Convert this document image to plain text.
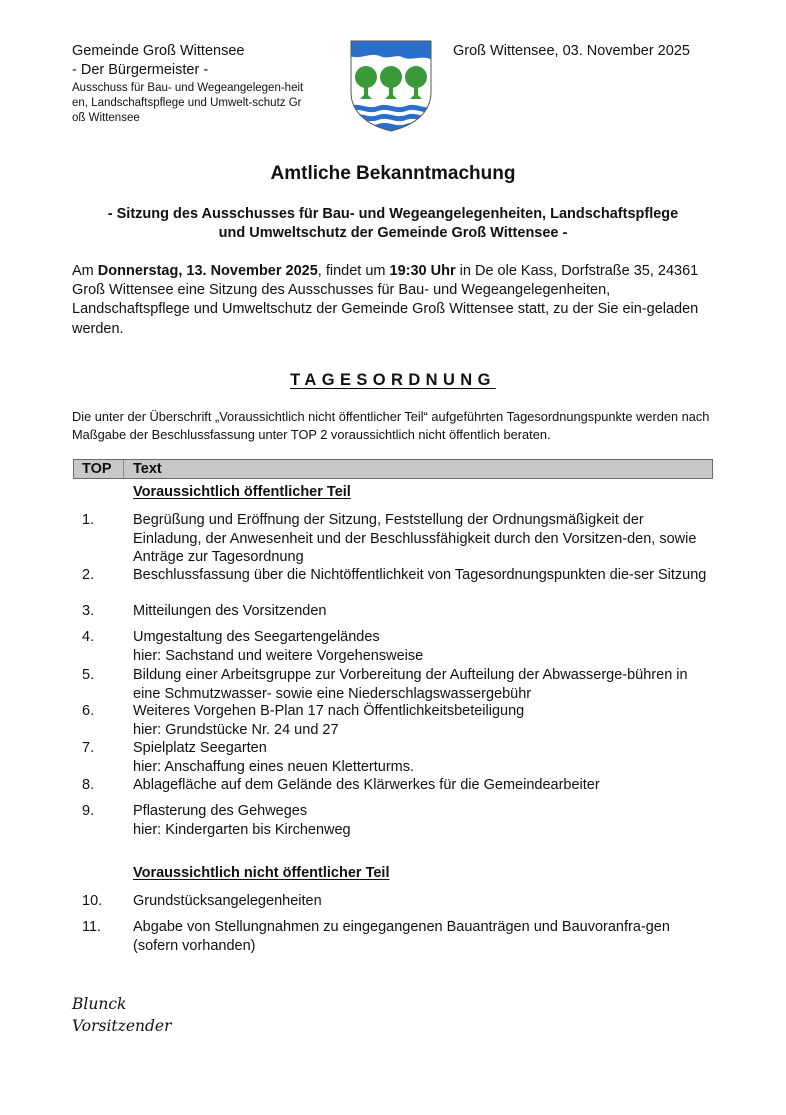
Gemeinde Groß Wittensee
- Der Bürgermeister -
Ausschuss für Bau- und Wegeangelegen-heiten, Landschaftspflege und Umwelt-schutz Groß Wittensee
Groß Wittensee, 03. November 2025
Amtliche Bekanntmachung
- Sitzung des Ausschusses für Bau- und Wegeangelegenheiten, Landschaftspflege
und Umweltschutz der Gemeinde Groß Wittensee -
Am Donnerstag, 13. November 2025, findet um 19:30 Uhr in De ole Kass, Dorfstraße 35, 24361 Groß Wittensee eine Sitzung des Ausschusses für Bau- und Wegeangelegenheiten, Landschaftspflege und Umweltschutz der Gemeinde Groß Wittensee statt, zu der Sie ein-geladen werden.
TAGESORDNUNG
Die unter der Überschrift „Voraussichtlich nicht öffentlicher Teil“ aufgeführten Tagesordnungspunkte werden nach Maßgabe der Beschlussfassung unter TOP 2 voraussichtlich nicht öffentlich beraten.
TOP	Text
Voraussichtlich öffentlicher Teil
1.	Begrüßung und Eröffnung der Sitzung, Feststellung der Ordnungsmäßigkeit der Einladung, der Anwesenheit und der Beschlussfähigkeit durch den Vorsitzen-den, sowie Anträge zur Tagesordnung
2.	Beschlussfassung über die Nichtöffentlichkeit von Tagesordnungspunkten die-ser Sitzung
3.	Mitteilungen des Vorsitzenden
4.	Umgestaltung des Seegartengeländes
hier: Sachstand und weitere Vorgehensweise
5.	Bildung einer Arbeitsgruppe zur Vorbereitung der Aufteilung der Abwasserge-bühren in eine Schmutzwasser- sowie eine Niederschlagswassergebühr
6.	Weiteres Vorgehen B-Plan 17 nach Öffentlichkeitsbeteiligung
hier: Grundstücke Nr. 24 und 27
7.	Spielplatz Seegarten
hier: Anschaffung eines neuen Kletterturms.
8.	Ablagefläche auf dem Gelände des Klärwerkes für die Gemeindearbeiter
9.	Pflasterung des Gehweges
hier: Kindergarten bis Kirchenweg
Voraussichtlich nicht öffentlicher Teil
10.	Grundstücksangelegenheiten
11.	Abgabe von Stellungnahmen zu eingegangenen Bauanträgen und Bauvoranfra-gen (sofern vorhanden)
Blunck
Vorsitzender
